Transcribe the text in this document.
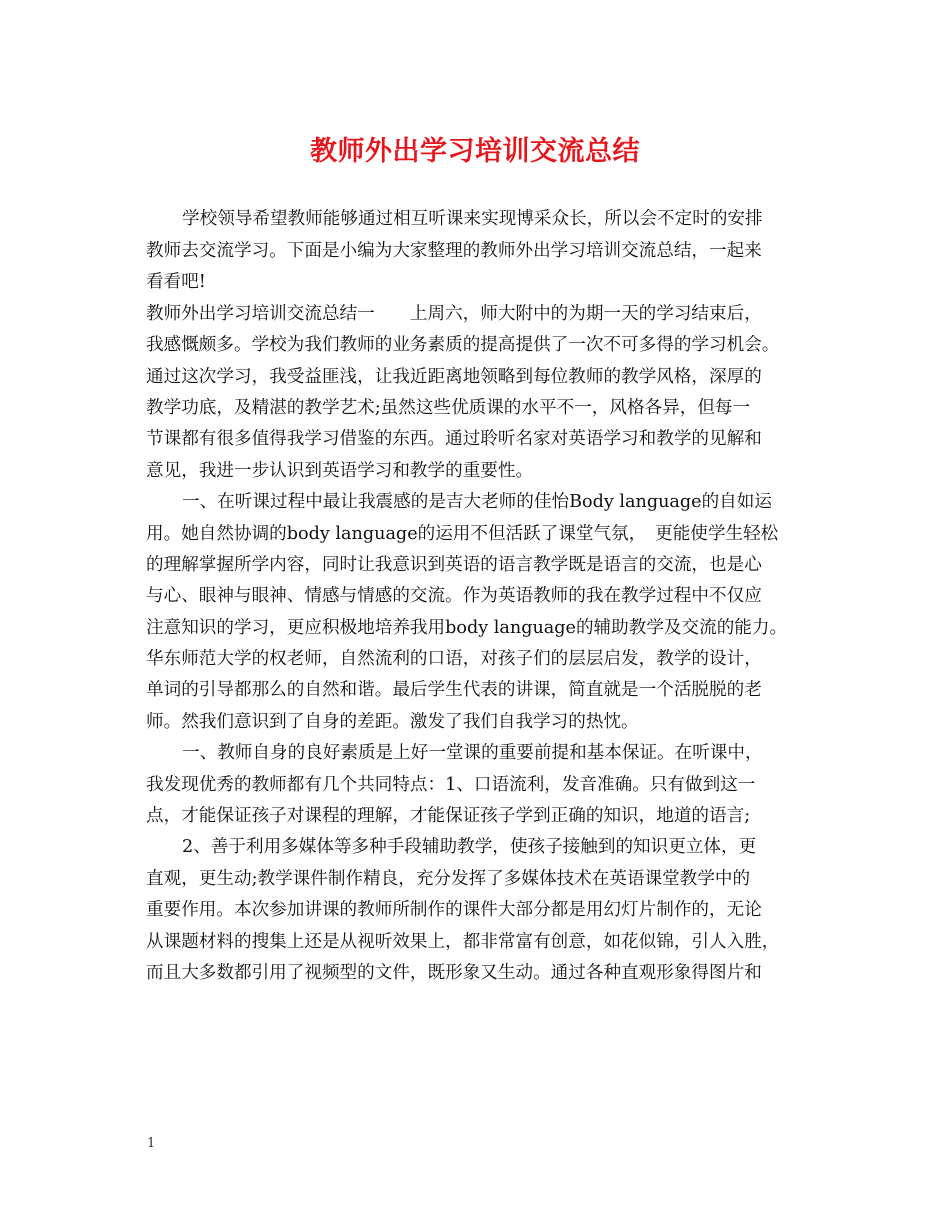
教师外出学习培训交流总结
学校领导希望教师能够通过相互听课来实现博采众长，所以会不定时的安排
教师去交流学习。下面是小编为大家整理的教师外出学习培训交流总结，一起来
看看吧!
教师外出学习培训交流总结一　　上周六，师大附中的为期一天的学习结束后，
我感慨颇多。学校为我们教师的业务素质的提高提供了一次不可多得的学习机会。
通过这次学习，我受益匪浅，让我近距离地领略到每位教师的教学风格，深厚的
教学功底，及精湛的教学艺术;虽然这些优质课的水平不一，风格各异，但每一
节课都有很多值得我学习借鉴的东西。通过聆听名家对英语学习和教学的见解和
意见，我进一步认识到英语学习和教学的重要性。
一、在听课过程中最让我震感的是吉大老师的佳怡Body language的自如运
用。她自然协调的body language的运用不但活跃了课堂气氛，　更能使学生轻松
的理解掌握所学内容，同时让我意识到英语的语言教学既是语言的交流，也是心
与心、眼神与眼神、情感与情感的交流。作为英语教师的我在教学过程中不仅应
注意知识的学习，更应积极地培养我用body language的辅助教学及交流的能力。
华东师范大学的权老师，自然流利的口语，对孩子们的层层启发，教学的设计，
单词的引导都那么的自然和谐。最后学生代表的讲课，简直就是一个活脱脱的老
师。然我们意识到了自身的差距。激发了我们自我学习的热忱。
一、教师自身的良好素质是上好一堂课的重要前提和基本保证。在听课中，
我发现优秀的教师都有几个共同特点：1、口语流利，发音准确。只有做到这一
点，才能保证孩子对课程的理解，才能保证孩子学到正确的知识，地道的语言;
2、善于利用多媒体等多种手段辅助教学，使孩子接触到的知识更立体，更
直观，更生动;教学课件制作精良，充分发挥了多媒体技术在英语课堂教学中的
重要作用。本次参加讲课的教师所制作的课件大部分都是用幻灯片制作的，无论
从课题材料的搜集上还是从视听效果上，都非常富有创意，如花似锦，引人入胜，
而且大多数都引用了视频型的文件，既形象又生动。通过各种直观形象得图片和
1
